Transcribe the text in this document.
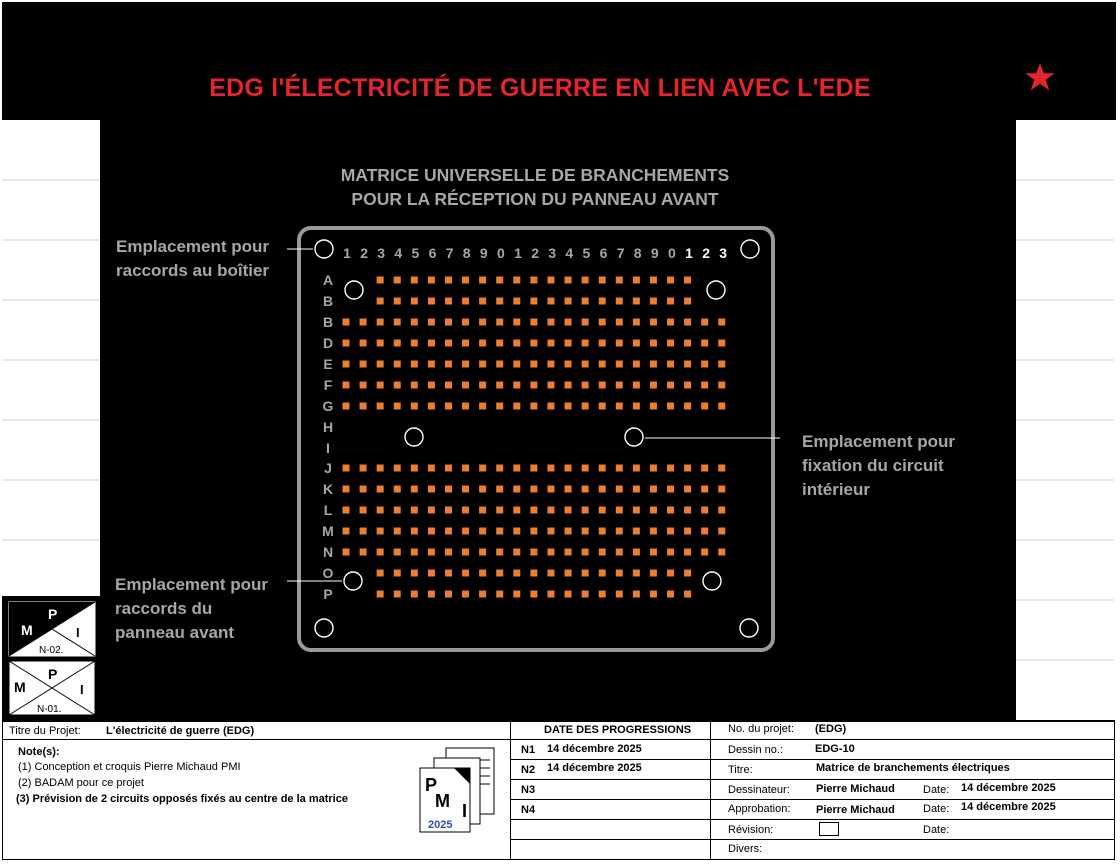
EDG l'ÉLECTRICITÉ DE GUERRE EN LIEN AVEC L'EDE
MATRICE UNIVERSELLE DE BRANCHEMENTS
POUR LA RÉCEPTION DU PANNEAU AVANT
1 2 3 4 5 6 7 8 9 0 1 2 3 4 5 6 7 8 9 0 1 2 3
A
B
B
D
E
F
G
H
I
J
K
L
M
N
O
P
Emplacement pour
raccords au boîtier
Emplacement pour
fixation du circuit
intérieur
Emplacement pour
raccords du
panneau avant
M
P
I
N-02.
M
P
I
N-01.
Titre du Projet: L'électricité de guerre (EDG)
Note(s):
(1) Conception et croquis Pierre Michaud PMI
(2) BADAM pour ce projet
(3) Prévision de 2 circuits opposés fixés au centre de la matrice
P
M I
2025
DATE DES PROGRESSIONS
N1 14 décembre 2025
N2 14 décembre 2025
N3
N4
No. du projet: (EDG)
Dessin no.:	EDG-10
Titre:	Matrice de branchements électriques
Dessinateur: Pierre Michaud	Date: 14 décembre 2025
Approbation: Pierre Michaud	Date: 14 décembre 2025
Révision:	Date:
Divers:
